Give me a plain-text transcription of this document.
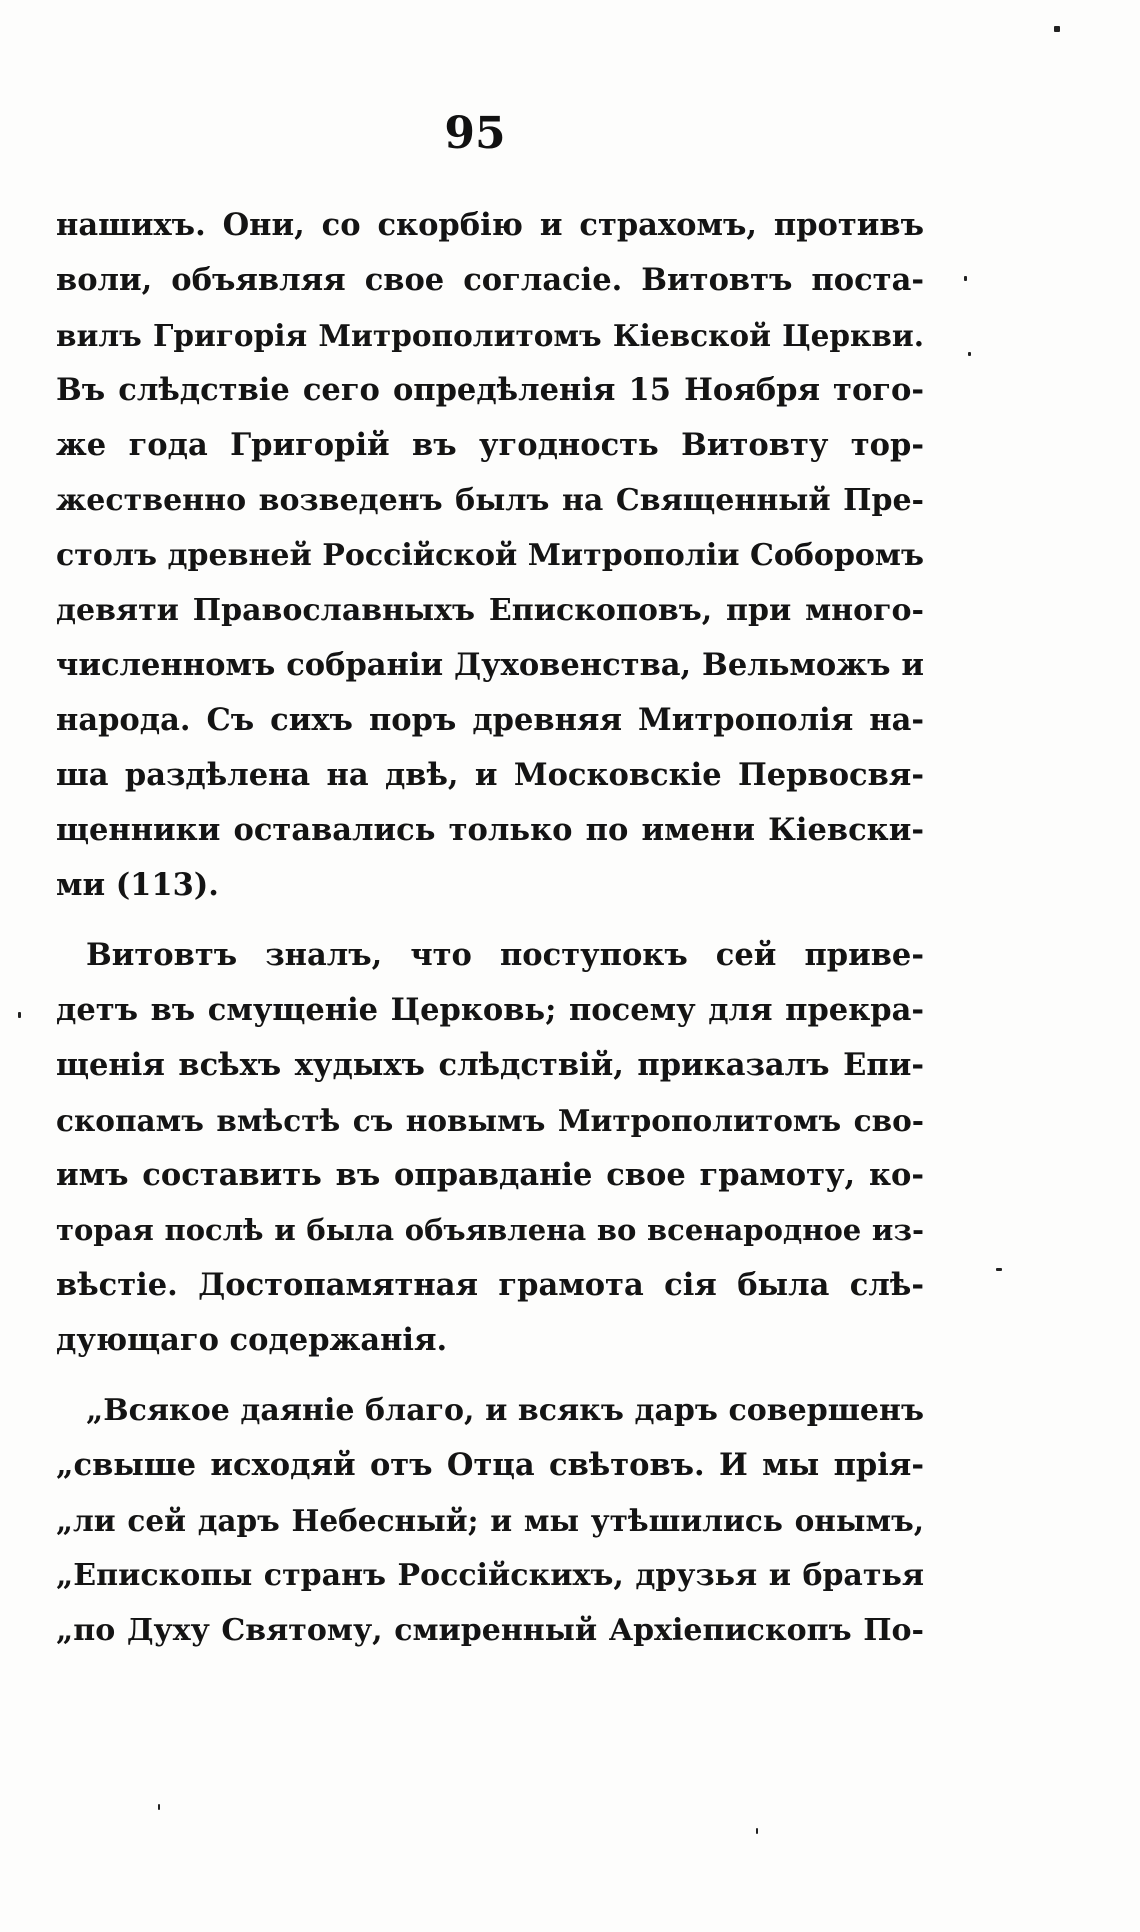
95
нашихъ. Они, со скорбiю и страхомъ, противъ
воли, объявляя свое согласiе. Витовтъ поста-
вилъ Григорiя Митрополитомъ Кiевской Церкви.
Въ слѣдствiе сего опредѣленiя 15 Ноября того-
же года Григорiй въ угодность Витовту тор-
жественно возведенъ былъ на Священный Пре-
столъ древней Россiйской Митрополiи Соборомъ
девяти Православныхъ Епископовъ, при много-
численномъ собранiи Духовенства, Вельможъ и
народа. Съ сихъ поръ древняя Митрополiя на-
ша раздѣлена на двѣ, и Московскiе Первосвя-
щенники оставались только по имени Кiевски-
ми (113).
Витовтъ зналъ, что поступокъ сей приве-
детъ въ смущенiе Церковь; посему для прекра-
щенiя всѣхъ худыхъ слѣдствiй, приказалъ Епи-
скопамъ вмѣстѣ съ новымъ Митрополитомъ сво-
имъ составить въ оправданiе свое грамоту, ко-
торая послѣ и была объявлена во всенародное из-
вѣстiе. Достопамятная грамота сiя была слѣ-
дующаго содержанiя.
„Всякое даянiе благо, и всякъ даръ совершенъ
„свыше исходяй отъ Отца свѣтовъ. И мы прiя-
„ли сей даръ Небесный; и мы утѣшились онымъ,
„Епископы странъ Россiйскихъ, друзья и братья
„по Духу Святому, смиренный Архiепископъ По-
